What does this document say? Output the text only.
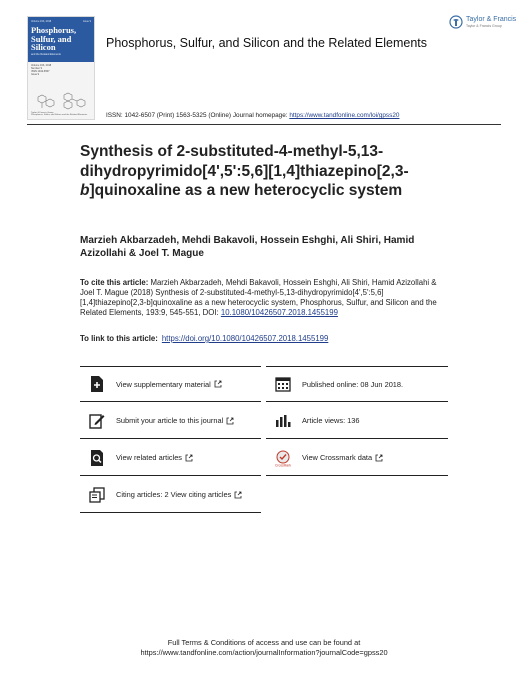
Volume 193, 2018	Issue 9
Phosphorus, Sulfur, and Silicon
and the Related Elements
Volume 193, 2018
Number 9
ISSN 1042-6507
Issue 9
Taylor & Francis Group
Phosphorus, Sulfur, and Silicon and the Related Elements
Phosphorus, Sulfur, and Silicon and the Related Elements
Taylor & Francis
Taylor & Francis Group
ISSN: 1042-6507 (Print) 1563-5325 (Online) Journal homepage: https://www.tandfonline.com/loi/gpss20
Synthesis of 2-substituted-4-methyl-5,13-dihydropyrimido[4',5':5,6][1,4]thiazepino[2,3-b]quinoxaline as a new heterocyclic system
Marzieh Akbarzadeh, Mehdi Bakavoli, Hossein Eshghi, Ali Shiri, Hamid Azizollahi & Joel T. Mague
To cite this article: Marzieh Akbarzadeh, Mehdi Bakavoli, Hossein Eshghi, Ali Shiri, Hamid Azizollahi & Joel T. Mague (2018) Synthesis of 2-substituted-4-methyl-5,13-dihydropyrimido[4',5':5,6][1,4]thiazepino[2,3-b]quinoxaline as a new heterocyclic system, Phosphorus, Sulfur, and Silicon and the Related Elements, 193:9, 545-551, DOI: 10.1080/10426507.2018.1455199
To link to this article: https://doi.org/10.1080/10426507.2018.1455199
View supplementary material
Submit your article to this journal
View related articles
Citing articles: 2 View citing articles
Published online: 08 Jun 2018.
Article views: 136
CrossMark
View Crossmark data
Full Terms & Conditions of access and use can be found at
https://www.tandfonline.com/action/journalInformation?journalCode=gpss20
